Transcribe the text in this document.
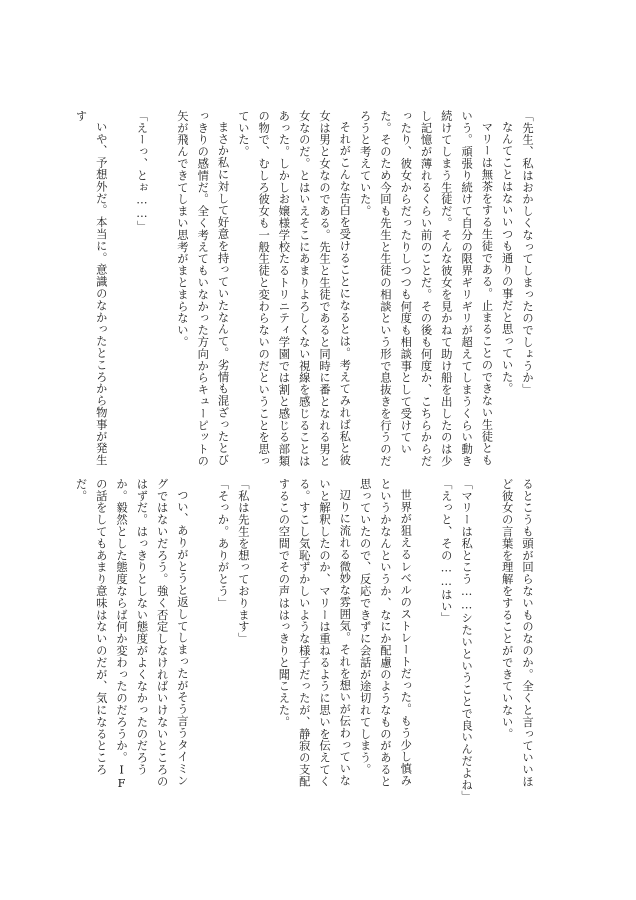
「先生、私はおかしくなってしまったのでしょうか」
なんてことはないいつも通りの事だと思っていた。
マリーは無茶をする生徒である。止まることのできない生徒ともいう。頑張り続けて自分の限界ギリギリが超えてしまうくらい動き続けてしまう生徒だ。そんな彼女を見かねて助け船を出したのは少し記憶が薄れるくらい前のことだ。その後も何度か、こちらからだったり、彼女からだったりしつつも何度も相談事として受けていた。そのため今回も先生と生徒の相談という形で息抜きを行うのだろうと考えていた。
それがこんな告白を受けることになるとは。考えてみれば私と彼女は男と女なのである。先生と生徒であると同時に番となれる男と女なのだ。とはいえそこにあまりよろしくない視線を感じることはあった。しかしお嬢様学校たるトリニティ学園では割と感じる部類の物で、むしろ彼女も一般生徒と変わらないのだということを思っていた。
まさか私に対して好意を持っていたなんて。劣情も混ざったとびっきりの感情だ。全く考えてもいなかった方向からキューピットの矢が飛んできてしまい思考がまとまらない。

「えーっ、とぉ……」

いや、予想外だ。本当に。意識のなかったところから物事が発生す
るとこうも頭が回らないものなのか。全くと言っていいほど彼女の言葉を理解をすることができていない。

「マリーは私とこう……シたいということで良いんだよね」
「えっと、その……はい」

世界が狙えるレベルのストレートだった。もう少し慎みというかなんというか、なにか配慮のようなものがあると思っていたので、反応できずに会話が途切れてしまう。
辺りに流れる微妙な雰囲気。それを想いが伝わっていないと解釈したのか、マリーは重ねるように思いを伝えてくる。すこし気恥ずかしいような様子だったが、静寂の支配するこの空間でその声ははっきりと聞こえた。

「私は先生を想っております」
「そっか。ありがとう」

つい、ありがとうと返してしまったがそう言うタイミングではないだろう。強く否定しなければいけないところのはずだ。はっきりとしない態度がよくなかったのだろうか。毅然とした態度ならば何か変わったのだろうか。IFの話をしてもあまり意味はないのだが、気になるところだ。
